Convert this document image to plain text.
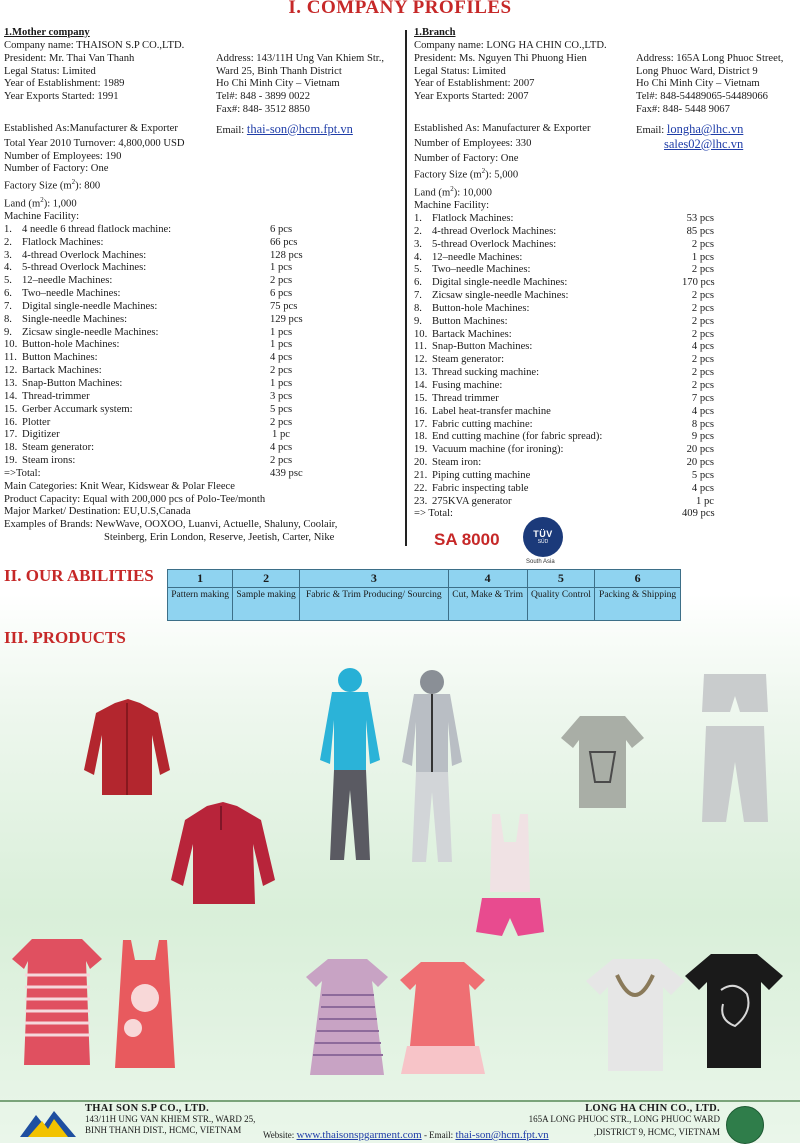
I. COMPANY PROFILES
1.Mother company
Company name: THAISON S.P CO.,LTD.
President: Mr. Thai Van Thanh	Address: 143/11H Ung Van Khiem Str.,
Legal Status: Limited	Ward 25, Binh Thanh District
Year of Establishment: 1989	Ho Chi Minh City – Vietnam
Year Exports Started: 1991	Tel#: 848 - 3899 0022
Fax#: 848- 3512 8850
Established As:Manufacturer & Exporter	Email: thai-son@hcm.fpt.vn
Total Year 2010 Turnover: 4,800,000 USD
Number of Employees: 190
Number of Factory: One
Factory Size $(m^2)$: 800
Land $(m^2)$: 1,000
Machine Facility:
1. 4 needle 6 thread flatlock machine:	6 pcs
2. Flatlock Machines:	66 pcs
3. 4-thread Overlock Machines:	128 pcs
4. 5-thread Overlock Machines:	1 pcs
5. 12–needle Machines:	2 pcs
6. Two–needle Machines:	6 pcs
7. Digital single-needle Machines:	75 pcs
8. Single-needle Machines:	129 pcs
9. Zicsaw single-needle Machines:	1 pcs
10. Button-hole Machines:	1 pcs
11. Button Machines:	4 pcs
12. Bartack Machines:	2 pcs
13. Snap-Button Machines:	1 pcs
14. Thread-trimmer	3 pcs
15. Gerber Accumark system:	5 pcs
16. Plotter	2 pcs
17. Digitizer	1 pc
18. Steam generator:	4 pcs
19. Steam irons:	2 pcs
=>Total:	439 psc
Main Categories: Knit Wear, Kidswear & Polar Fleece
Product Capacity: Equal with 200,000 pcs of Polo-Tee/month
Major Market/ Destination: EU,U.S,Canada
Examples of Brands: NewWave, OOXOO, Luanvi, Actuelle, Shaluny, Coolair,
Steinberg, Erin London, Reserve, Jeetish, Carter, Nike
1.Branch
Company name: LONG HA CHIN CO.,LTD.
President: Ms. Nguyen Thi Phuong Hien	Address: 165A Long Phuoc Street,
Legal Status: Limited	Long Phuoc Ward, District 9
Year of Establishment: 2007	Ho Chi Minh City – Vietnam
Year Exports Started: 2007	Tel#: 848-54489065-54489066
Fax#: 848- 5448 9067
Established As: Manufacturer & Exporter	Email: longha@lhc.vn
Number of Employees: 330	sales02@lhc.vn
Number of Factory: One
Factory Size $(m^2)$: 5,000
Land $(m^2)$: 10,000
Machine Facility:
1. Flatlock Machines:	53 pcs
2. 4-thread Overlock Machines:	85 pcs
3. 5-thread Overlock Machines:	2 pcs
4. 12–needle Machines:	1 pcs
5. Two–needle Machines:	2 pcs
6. Digital single-needle Machines:	170 pcs
7. Zicsaw single-needle Machines:	2 pcs
8. Button-hole Machines:	2 pcs
9. Button Machines:	2 pcs
10. Bartack Machines:	2 pcs
11. Snap-Button Machines:	4 pcs
12. Steam generator:	2 pcs
13. Thread sucking machine:	2 pcs
14. Fusing machine:	2 pcs
15. Thread trimmer	7 pcs
16. Label heat-transfer machine	4 pcs
17. Fabric cutting machine:	8 pcs
18. End cutting machine (for fabric spread):	9 pcs
19. Vacuum machine (for ironing):	20 pcs
20. Steam iron:	20 pcs
21. Piping cutting machine	5 pcs
22. Fabric inspecting table	4 pcs
23. 275KVA generator	1 pc
=> Total:	409 pcs
SA 8000	TÜV
SÜD
South Asia
II. OUR ABILITIES	1	2	3	4	5	6
Pattern making	Sample making	Fabric & Trim Producing/ Sourcing	Cut, Make & Trim	Quality Control	Packing & Shipping
III. PRODUCTS
THAI SON S.P CO., LTD.
143/11H UNG VAN KHIEM STR., WARD 25,
BINH THANH DIST., HCMC, VIETNAM	Website: www.thaisonspgarment.com - Email: thai-son@hcm.fpt.vn
LONG HA CHIN CO., LTD.
165A LONG PHUOC STR., LONG PHUOC WARD
,DISTRICT 9, HCMC, VIETNAM
